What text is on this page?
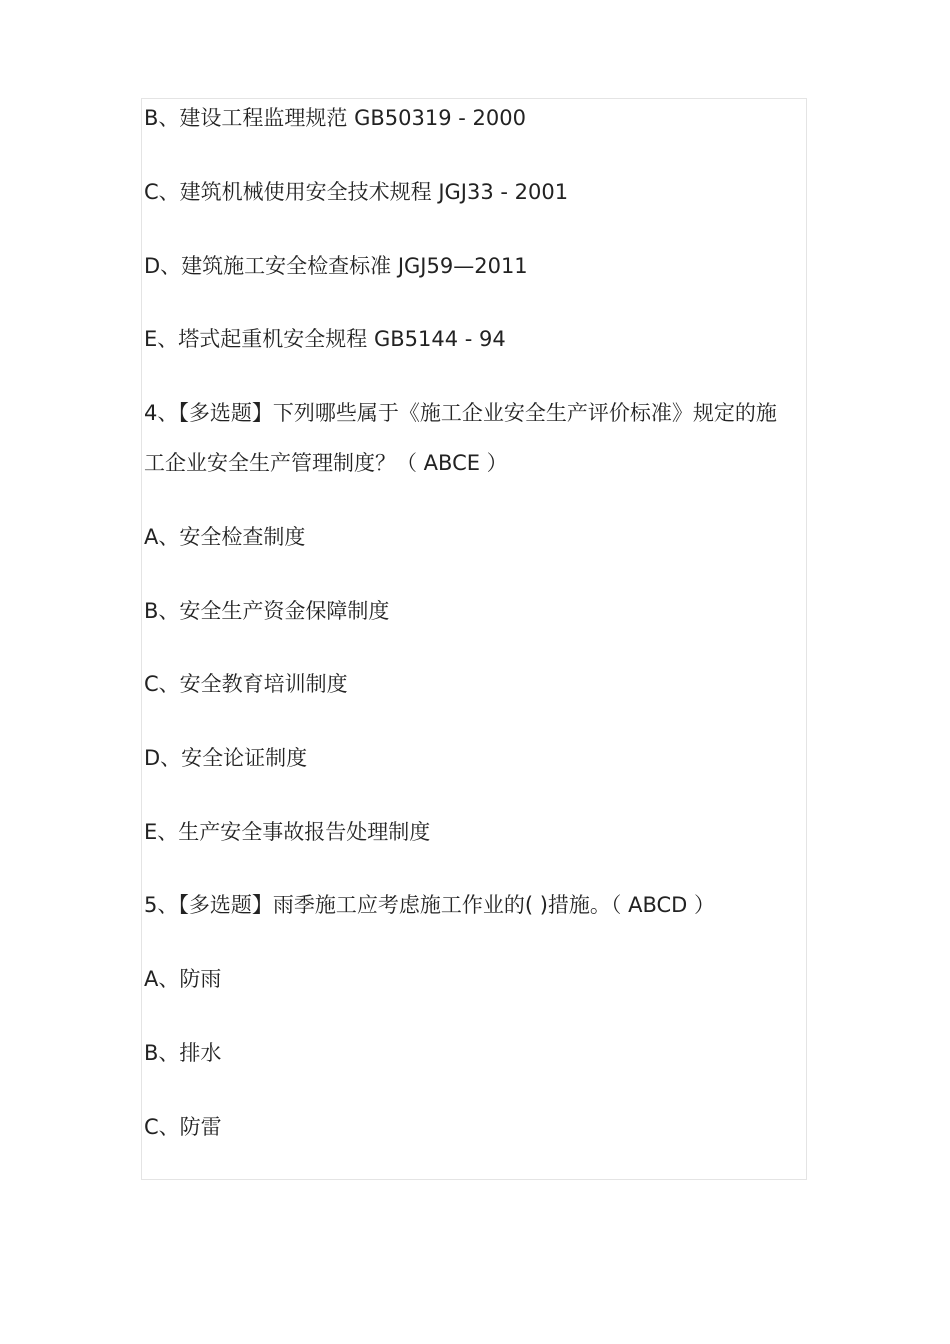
B、建设工程监理规范 GB50319 - 2000
C、建筑机械使用安全技术规程 JGJ33 - 2001
D、建筑施工安全检查标准 JGJ59—2011
E、塔式起重机安全规程 GB5144 - 94
4、【多选题】下列哪些属于《施工企业安全生产评价标准》规定的施
工企业安全生产管理制度？（ ABCE ）
A、安全检查制度
B、安全生产资金保障制度
C、安全教育培训制度
D、安全论证制度
E、生产安全事故报告处理制度
5、【多选题】雨季施工应考虑施工作业的( )措施。（ ABCD ）
A、防雨
B、排水
C、防雷
